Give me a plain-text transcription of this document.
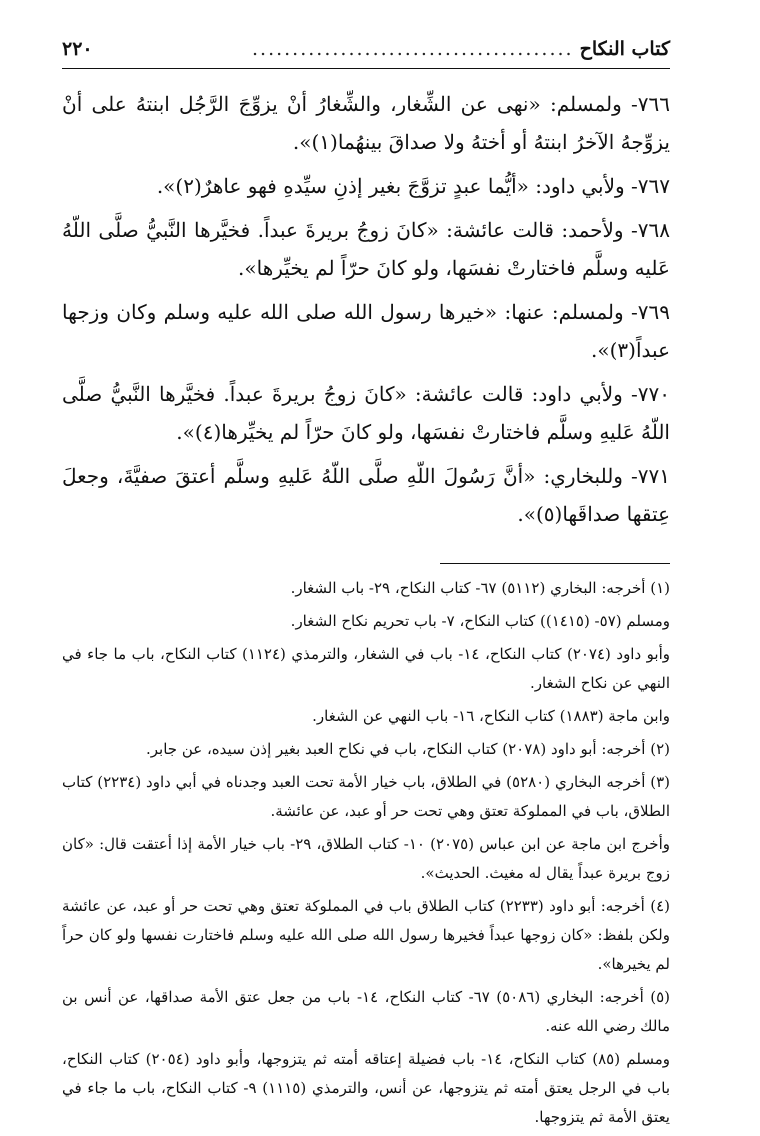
كتاب النكاح
........................................
٢٢٠

٧٦٦- ولمسلم: «نهى عن الشِّغار، والشِّغارُ أنْ يزوِّجَ الرَّجُل ابنتهُ على أنْ يزوِّجهُ الآخرُ ابنتهُ أو أختهُ ولا صداقَ بينهُما(١)».

٧٦٧- ولأبي داود: «أيُّما عبدٍ تزوَّجَ بغير إذنِ سيِّدهِ فهو عاهرٌ(٢)».

٧٦٨- ولأحمد: قالت عائشة: «كانَ زوجُ بريرةَ عبداً. فخيَّرها النَّبيُّ صلَّى اللّهُ عَليه وسلَّم فاختارتْ نفسَها، ولو كانَ حرّاً لم يخيِّرها».

٧٦٩- ولمسلم: عنها: «خيرها رسول الله صلى الله عليه وسلم وكان وزجها عبداً(٣)».

٧٧٠- ولأبي داود: قالت عائشة: «كانَ زوجُ بريرةَ عبداً. فخيَّرها النَّبيُّ صلَّى اللّهُ عَليهِ وسلَّم فاختارتْ نفسَها، ولو كانَ حرّاً لم يخيِّرها(٤)».

٧٧١- وللبخاري: «أنَّ رَسُولَ اللّهِ صلَّى اللّهُ عَليهِ وسلَّم أعتقَ صفيَّةَ، وجعلَ عِتقها صداقَها(٥)».

(١) أخرجه: البخاري (٥١١٢) ٦٧- كتاب النكاح، ٢٩- باب الشغار.

ومسلم (٥٧- (١٤١٥)) كتاب النكاح، ٧- باب تحريم نكاح الشغار.

وأبو داود (٢٠٧٤) كتاب النكاح، ١٤- باب في الشغار، والترمذي (١١٢٤) كتاب النكاح، باب ما جاء في النهي عن نكاح الشغار.

وابن ماجة (١٨٨٣) كتاب النكاح، ١٦- باب النهي عن الشغار.

(٢) أخرجه: أبو داود (٢٠٧٨) كتاب النكاح، باب في نكاح العبد بغير إذن سيده، عن جابر.

(٣) أخرجه البخاري (٥٢٨٠) في الطلاق، باب خيار الأمة تحت العبد وجدناه في أبي داود (٢٢٣٤) كتاب الطلاق، باب في المملوكة تعتق وهي تحت حر أو عبد، عن عائشة.

وأخرج ابن ماجة عن ابن عباس (٢٠٧٥) ١٠- كتاب الطلاق، ٢٩- باب خيار الأمة إذا أعتقت قال: «كان زوج بريرة عبداً يقال له مغيث. الحديث».

(٤) أخرجه: أبو داود (٢٢٣٣) كتاب الطلاق باب في المملوكة تعتق وهي تحت حر أو عبد، عن عائشة ولكن بلفظ: «كان زوجها عبداً فخيرها رسول الله صلى الله عليه وسلم فاختارت نفسها ولو كان حراً لم يخيرها».

(٥) أخرجه: البخاري (٥٠٨٦) ٦٧- كتاب النكاح، ١٤- باب من جعل عتق الأمة صداقها، عن أنس بن مالك رضي الله عنه.

ومسلم (٨٥) كتاب النكاح، ١٤- باب فضيلة إعتاقه أمته ثم يتزوجها، وأبو داود (٢٠٥٤) كتاب النكاح، باب في الرجل يعتق أمته ثم يتزوجها، عن أنس، والترمذي (١١١٥) ٩- كتاب النكاح، باب ما جاء في يعتق الأمة ثم يتزوجها.
